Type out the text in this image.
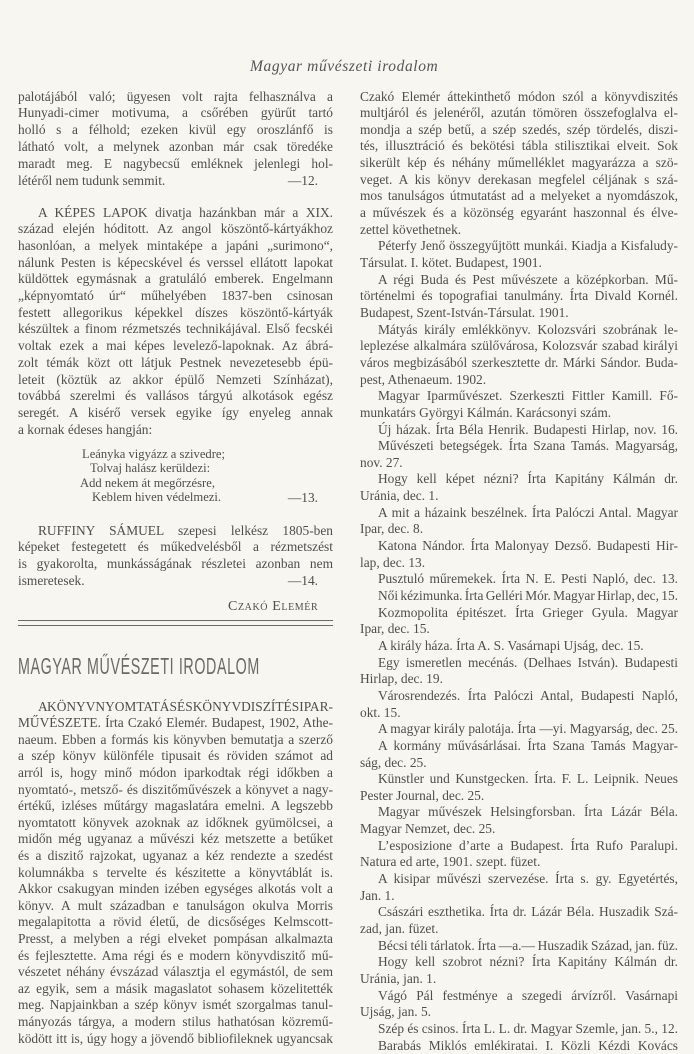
Magyar művészeti irodalom
palotájából való; ügyesen volt rajta felhasználva a
Hunyadi-cimer motivuma, a csőrében gyürűt tartó
holló s a félhold; ezeken kivül egy oroszlánfő is
látható volt, a melynek azonban már csak töredéke
maradt meg. E nagybecsű emléknek jelenlegi hol-
létéről nem tudunk semmit.	—12.
A KÉPES LAPOK divatja hazánkban már a XIX.
század elején hóditott. Az angol köszöntő-kártyákhoz
hasonlóan, a melyek mintaképe a japáni „surimono“,
nálunk Pesten is képecskével és verssel ellátott lapokat
küldöttek egymásnak a gratuláló emberek. Engelmann
„képnyomtató úr“ műhelyében 1837-ben csinosan
festett allegorikus képekkel díszes köszöntő-kártyák
készültek a finom rézmetszés technikájával. Első fecskéi
voltak ezek a mai képes levelező-lapoknak. Az ábrá-
zolt témák közt ott látjuk Pestnek nevezetesebb épü-
leteit (köztük az akkor épülő Nemzeti Színházat),
továbbá szerelmi és vallásos tárgyú alkotások egész
seregét. A kisérő versek egyike így enyeleg annak
a kornak édeses hangján:
Leányka vigyázz a szivedre;
Tolvaj halász kerüldezi:
Add nekem át megőrzésre,
Keblem hiven védelmezi.	—13.
RUFFINY SÁMUEL szepesi lelkész 1805-ben
képeket festegetett és műkedvelésből a rézmetszést
is gyakorolta, munkásságának részletei azonban nem
ismeretesek.	—14.
A KÖNYVNYOMTATÁS ÉS KÖNYVDISZÍTÉS IPAR-
MŰVÉSZETE. Írta Czakó Elemér. Budapest, 1902, Athe-
naeum. Ebben a formás kis könyvben bemutatja a szerző
a szép könyv különféle tipusait és röviden számot ad
arról is, hogy minő módon iparkodtak régi időkben a
nyomtató-, metsző- és diszitőművészek a könyvet a nagy-
értékű, izléses műtárgy magaslatára emelni. A legszebb
nyomtatott könyvek azoknak az időknek gyümölcsei, a
midőn még ugyanaz a művészi kéz metszette a betűket
és a diszitő rajzokat, ugyanaz a kéz rendezte a szedést
kolumnákba s tervelte és készitette a könyvtáblát is.
Akkor csakugyan minden izében egységes alkotás volt a
könyv. A mult században e tanulságon okulva Morris
megalapitotta a rövid életű, de dicsőséges Kelmscott-
Presst, a melyben a régi elveket pompásan alkalmazta
és fejlesztette. Ama régi és e modern könyvdiszitő mű-
vészetet néhány évszázad választja el egymástól, de sem
az egyik, sem a másik magaslatot sohasem közelitették
meg. Napjainkban a szép könyv ismét szorgalmas tanul-
mányozás tárgya, a modern stilus hathatósan közremű-
ködött itt is, úgy hogy a jövendő bibliofileknek ugyancsak
Czakó Elemér áttekinthető módon szól a könyvdiszités
multjáról és jelenéről, azután tömören összefoglalva el-
mondja a szép betű, a szép szedés, szép tördelés, diszi-
tés, illusztráció és bekötési tábla stilisztikai elveit. Sok
sikerült kép és néhány műmelléklet magyarázza a szö-
veget. A kis könyv derekasan megfelel céljának s szá-
mos tanulságos útmutatást ad a melyeket a nyomdászok,
a művészek és a közönség egyaránt haszonnal és élve-
zettel követhetnek.
Péterfy Jenő összegyűjtött munkái. Kiadja a Kisfaludy-
Társulat. I. kötet. Budapest, 1901.
A régi Buda és Pest művészete a középkorban. Mű-
történelmi és topografiai tanulmány. Írta Divald Kornél.
Budapest, Szent-István-Társulat. 1901.
Mátyás király emlékkönyv. Kolozsvári szobrának le-
leplezése alkalmára szülővárosa, Kolozsvár szabad királyi
város megbizásából szerkesztette dr. Márki Sándor. Buda-
pest, Athenaeum. 1902.
Magyar Iparművészet. Szerkeszti Fittler Kamill. Fő-
munkatárs Györgyi Kálmán. Karácsonyi szám.
Új házak. Írta Béla Henrik. Budapesti Hirlap, nov. 16.
Művészeti betegségek. Írta Szana Tamás. Magyarság,
nov. 27.
Hogy kell képet nézni? Írta Kapitány Kálmán dr.
Uránia, dec. 1.
A mit a házaink beszélnek. Írta Palóczi Antal. Magyar
Ipar, dec. 8.
Katona Nándor. Írta Malonyay Dezső. Budapesti Hir-
lap, dec. 13.
Pusztuló műremekek. Írta N. E. Pesti Napló, dec. 13.
Női kézimunka. Írta Gelléri Mór. Magyar Hirlap, dec, 15.
Kozmopolita épitészet. Írta Grieger Gyula. Magyar
Ipar, dec. 15.
A király háza. Írta A. S. Vasárnapi Ujság, dec. 15.
Egy ismeretlen mecénás. (Delhaes István). Budapesti
Hirlap, dec. 19.
Városrendezés. Írta Palóczi Antal, Budapesti Napló,
okt. 15.
A magyar király palotája. Írta —yi. Magyarság, dec. 25.
A kormány művásárlásai. Írta Szana Tamás Magyar-
ság, dec. 25.
Künstler und Kunstgecken. Írta. F. L. Leipnik. Neues
Pester Journal, dec. 25.
Magyar művészek Helsingforsban. Írta Lázár Béla.
Magyar Nemzet, dec. 25.
L’esposizione d’arte a Budapest. Írta Rufo Paralupi.
Natura ed arte, 1901. szept. füzet.
A kisipar művészi szervezése. Írta s. gy. Egyetértés,
Jan. 1.
Császári eszthetika. Írta dr. Lázár Béla. Huszadik Szá-
zad, jan. füzet.
Bécsi téli tárlatok. Írta —a.— Huszadik Század, jan. füz.
Hogy kell szobrot nézni? Írta Kapitány Kálmán dr.
Uránia, jan. 1.
Vágó Pál festménye a szegedi árvízről. Vasárnapi
Ujság, jan. 5.
Szép és csinos. Írta L. L. dr. Magyar Szemle, jan. 5., 12.
Barabás Miklós emlékiratai. I. Közli Kézdi Kovács
Czakó Elemér
MAGYAR MŰVÉSZETI IRODALOM
